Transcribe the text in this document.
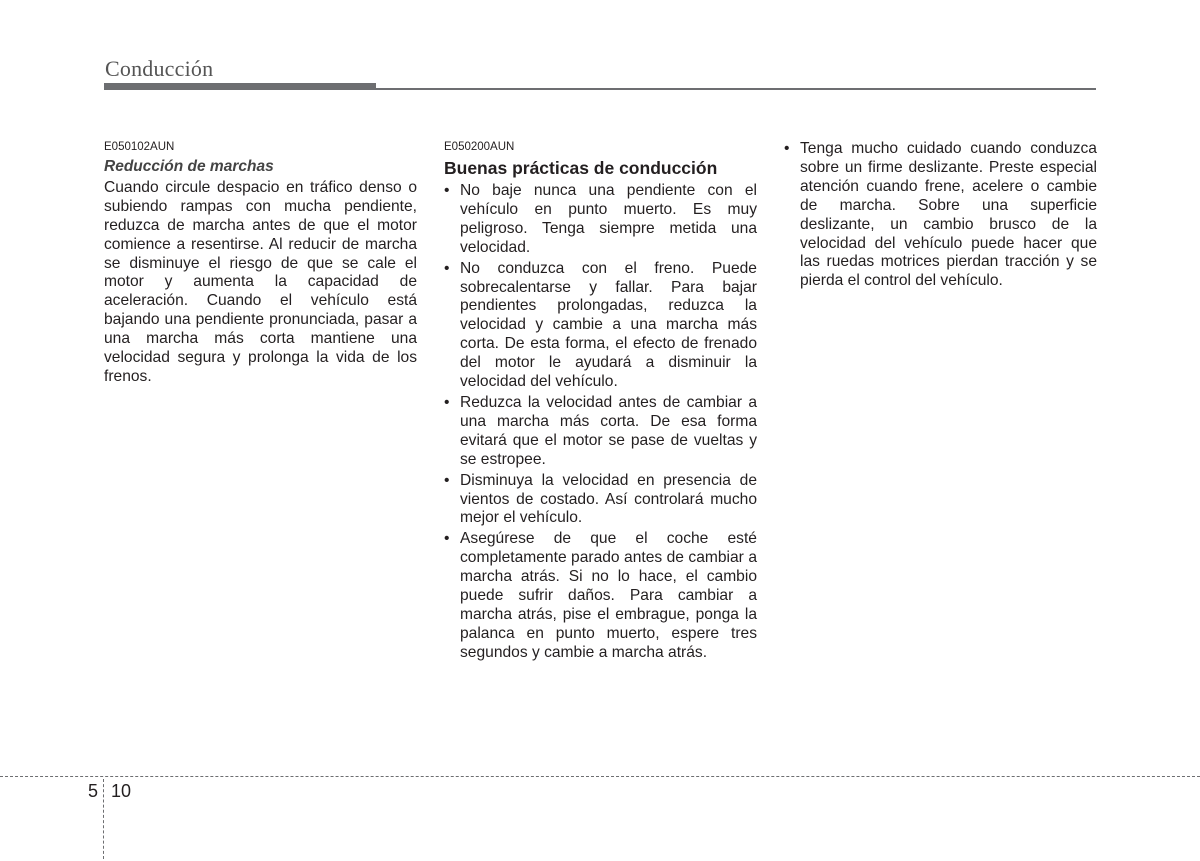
Conducción
E050102AUN
Reducción de marchas

Cuando circule despacio en tráfico denso o subiendo rampas con mucha pendiente, reduzca de marcha antes de que el motor comience a resentirse. Al reducir de marcha se disminuye el riesgo de que se cale el motor y aumenta la capacidad de aceleración. Cuando el vehículo está bajando una pendiente pronunciada, pasar a una marcha más corta mantiene una velocidad segura y prolonga la vida de los frenos.

E050200AUN
Buenas prácticas de conducción
• No baje nunca una pendiente con el vehículo en punto muerto. Es muy peligroso. Tenga siempre metida una velocidad.
• No conduzca con el freno. Puede sobrecalentarse y fallar. Para bajar pendientes prolongadas, reduzca la velocidad y cambie a una marcha más corta. De esta forma, el efecto de frenado del motor le ayudará a disminuir la velocidad del vehículo.
• Reduzca la velocidad antes de cambiar a una marcha más corta. De esa forma evitará que el motor se pase de vueltas y se estropee.
• Disminuya la velocidad en presencia de vientos de costado. Así controlará mucho mejor el vehículo.
• Asegúrese de que el coche esté completamente parado antes de cambiar a marcha atrás. Si no lo hace, el cambio puede sufrir daños. Para cambiar a marcha atrás, pise el embrague, ponga la palanca en punto muerto, espere tres segundos y cambie a marcha atrás.
• Tenga mucho cuidado cuando conduzca sobre un firme deslizante. Preste especial atención cuando frene, acelere o cambie de marcha. Sobre una superficie deslizante, un cambio brusco de la velocidad del vehículo puede hacer que las ruedas motrices pierdan tracción y se pierda el control del vehículo.
5 10
